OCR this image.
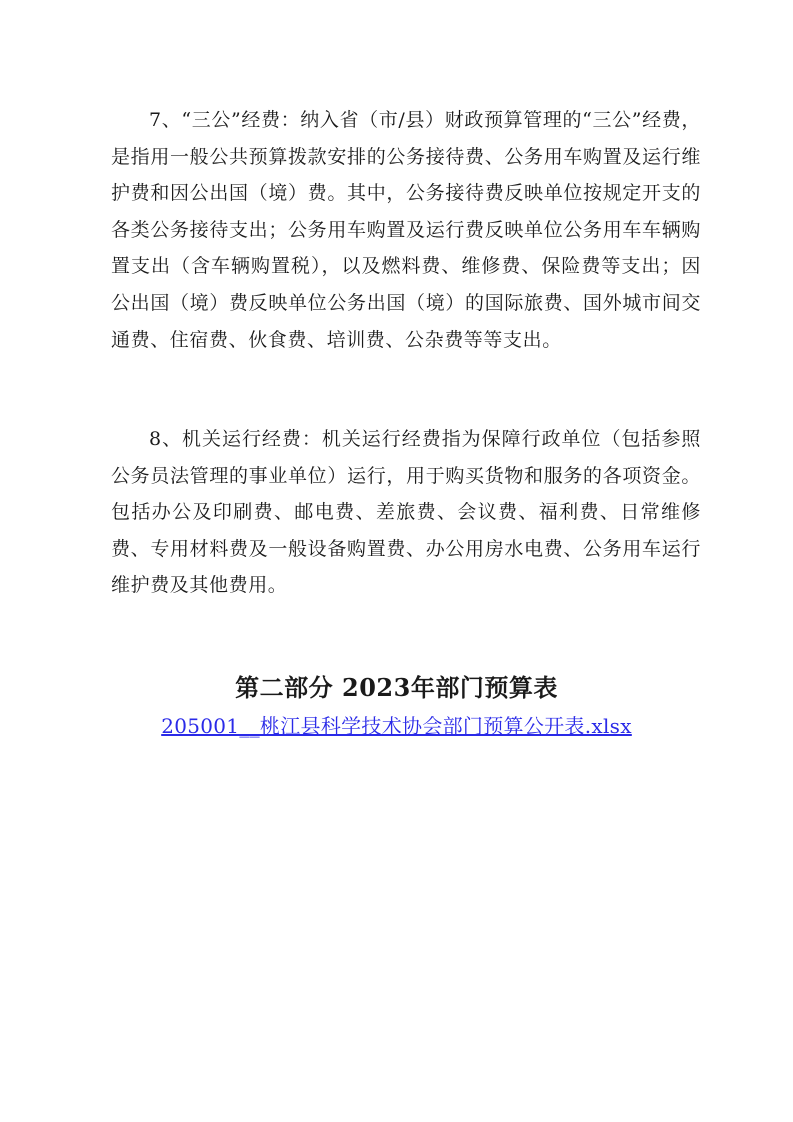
7、“三公”经费：纳入省（市/县）财政预算管理的“三公”经费，是指用一般公共预算拨款安排的公务接待费、公务用车购置及运行维护费和因公出国（境）费。其中，公务接待费反映单位按规定开支的各类公务接待支出；公务用车购置及运行费反映单位公务用车车辆购置支出（含车辆购置税），以及燃料费、维修费、保险费等支出；因公出国（境）费反映单位公务出国（境）的国际旅费、国外城市间交通费、住宿费、伙食费、培训费、公杂费等等支出。

8、机关运行经费：机关运行经费指为保障行政单位（包括参照公务员法管理的事业单位）运行，用于购买货物和服务的各项资金。包括办公及印刷费、邮电费、差旅费、会议费、福利费、日常维修费、专用材料费及一般设备购置费、办公用房水电费、公务用车运行维护费及其他费用。

第二部分 2023年部门预算表
205001__桃江县科学技术协会部门预算公开表.xlsx
